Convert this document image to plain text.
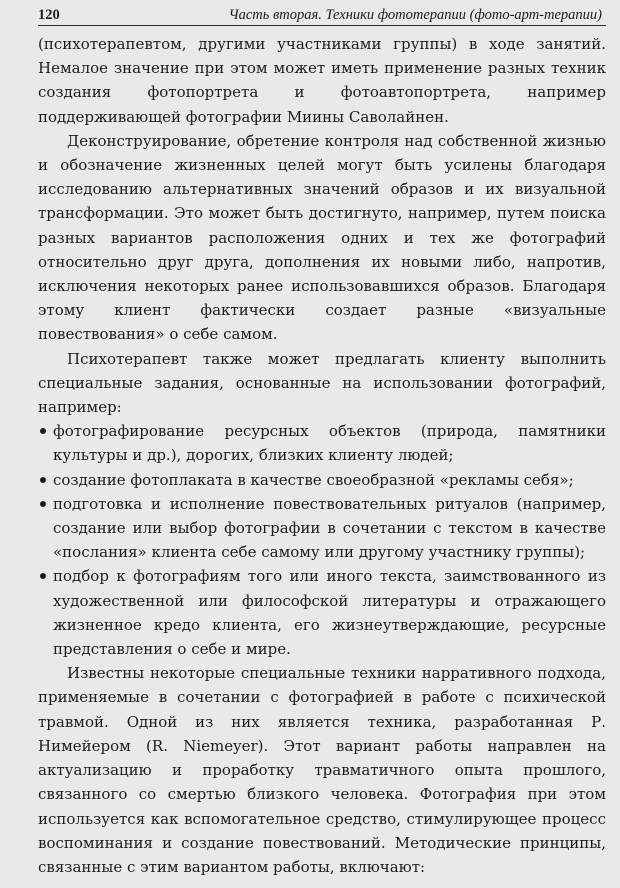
120	Часть вторая. Техники фототерапии (фото-арт-терапии)

(психотерапевтом, другими участниками группы) в ходе занятий. Немалое значение при этом может иметь применение разных техник создания фотопортрета и фотоавтопортрета, например поддерживающей фотографии Миины Саволайнен.

Деконструирование, обретение контроля над собственной жизнью и обозначение жизненных целей могут быть усилены благодаря исследованию альтернативных значений образов и их визуальной трансформации. Это может быть достигнуто, например, путем поиска разных вариантов расположения одних и тех же фотографий относительно друг друга, дополнения их новыми либо, напротив, исключения некоторых ранее использовавшихся образов. Благодаря этому клиент фактически создает разные «визуальные повествования» о себе самом.

Психотерапевт также может предлагать клиенту выполнить специальные задания, основанные на использовании фотографий, например:

фотографирование ресурсных объектов (природа, памятники культуры и др.), дорогих, близких клиенту людей;
создание фотоплаката в качестве своеобразной «рекламы себя»;
подготовка и исполнение повествовательных ритуалов (например, создание или выбор фотографии в сочетании с текстом в качестве «послания» клиента себе самому или другому участнику группы);
подбор к фотографиям того или иного текста, заимствованного из художественной или философской литературы и отражающего жизненное кредо клиента, его жизнеутверждающие, ресурсные представления о себе и мире.

Известны некоторые специальные техники нарративного подхода, применяемые в сочетании с фотографией в работе с психической травмой. Одной из них является техника, разработанная Р. Нимейером (R. Niemeyer). Этот вариант работы направлен на актуализацию и проработку травматичного опыта прошлого, связанного со смертью близкого человека. Фотография при этом используется как вспомогательное средство, стимулирующее процесс воспоминания и создание повествований. Методические принципы, связанные с этим вариантом работы, включают:
